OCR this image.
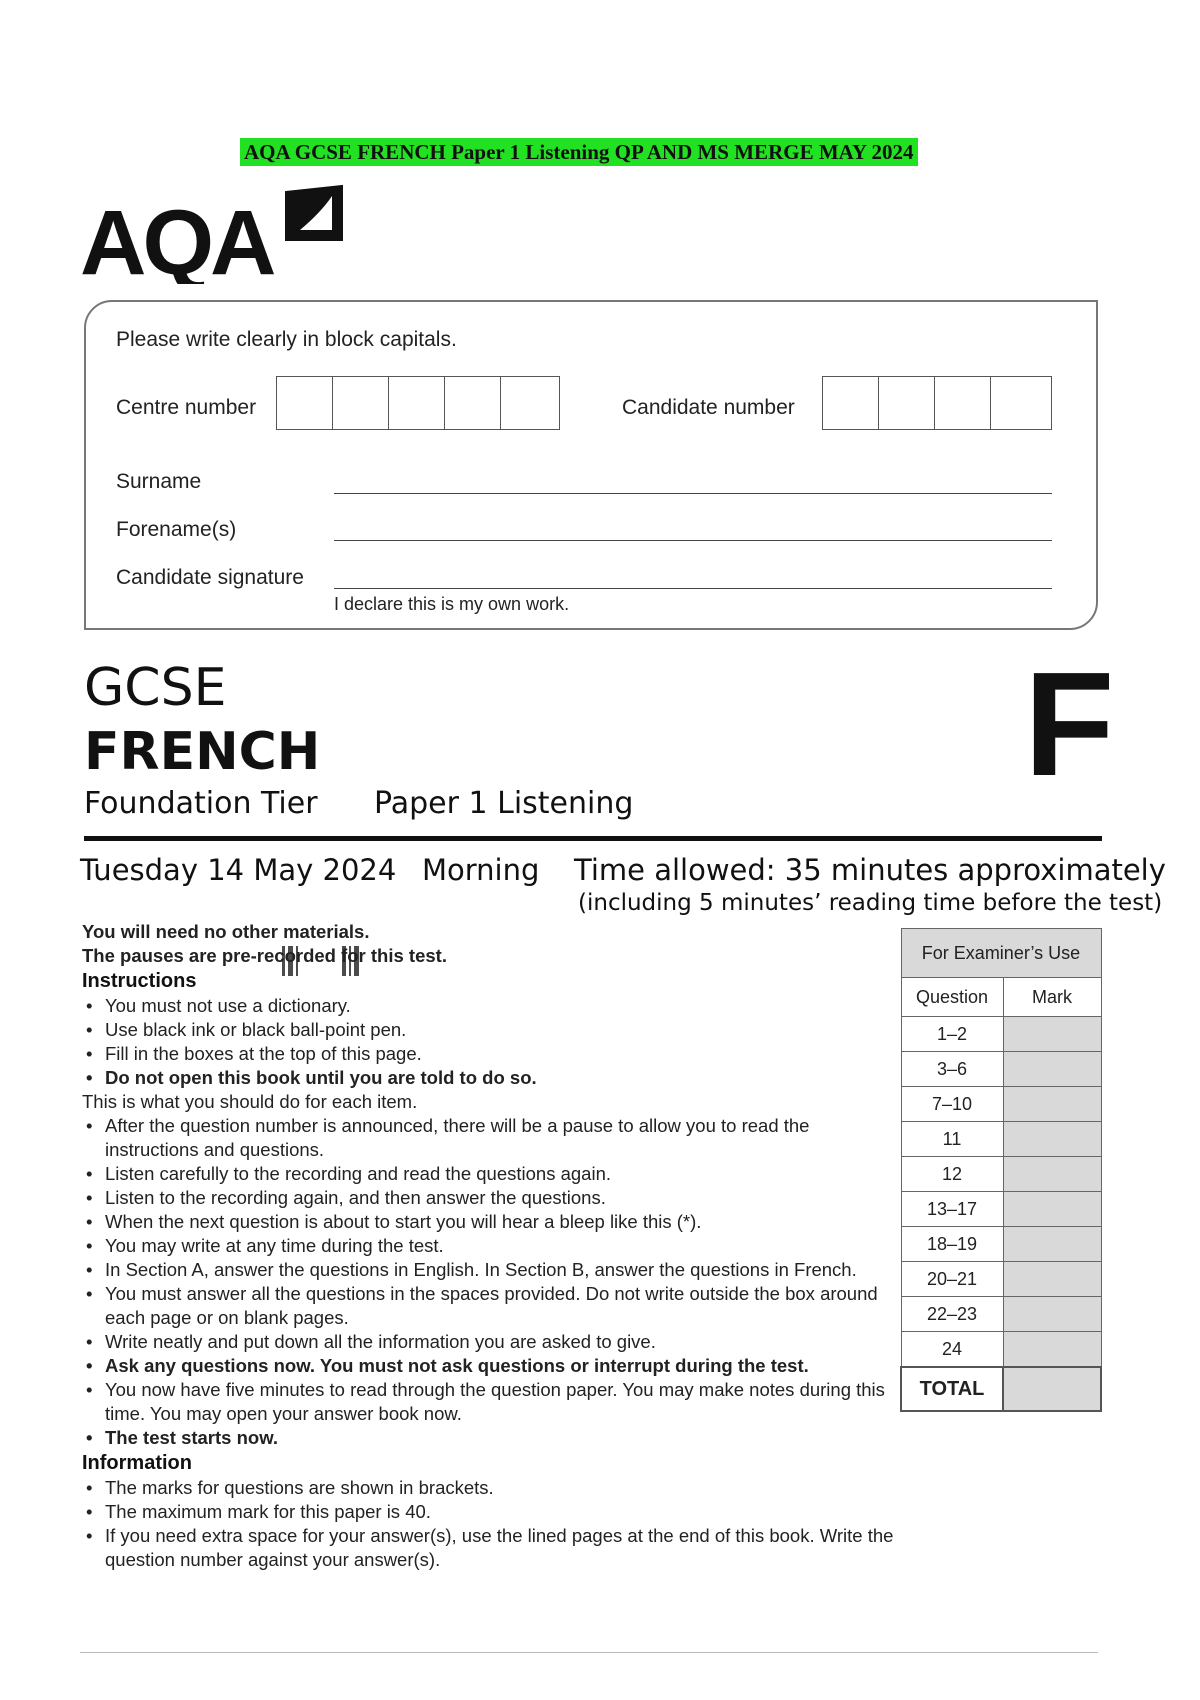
AQA GCSE FRENCH Paper 1 Listening QP AND MS MERGE MAY 2024
AQA
Please write clearly in block capitals.
Centre number	Candidate number
Surname
Forename(s)
Candidate signature
I declare this is my own work.
GCSE
FRENCH
Foundation Tier Paper 1 Listening	F
Tuesday 14 May 2024 Morning Time allowed: 35 minutes approximately
(including 5 minutes’ reading time before the test)

You will need no other materials.

The pauses are pre-recorded for this test.

Instructions

• You must not use a dictionary.
• Use black ink or black ball-point pen.
• Fill in the boxes at the top of this page.
• Do not open this book until you are told to do so.

This is what you should do for each item.

• After the question number is announced, there will be a pause to allow you to read the instructions and questions.
• Listen carefully to the recording and read the questions again.
• Listen to the recording again, and then answer the questions.
• When the next question is about to start you will hear a bleep like this (*).
• You may write at any time during the test.
• In Section A, answer the questions in English. In Section B, answer the questions in French.
• You must answer all the questions in the spaces provided. Do not write outside the box around each page or on blank pages.
• Write neatly and put down all the information you are asked to give.
• Ask any questions now. You must not ask questions or interrupt during the test.
• You now have five minutes to read through the question paper. You may make notes during this time. You may open your answer book now.
• The test starts now.

Information

• The marks for questions are shown in brackets.
• The maximum mark for this paper is 40.
• If you need extra space for your answer(s), use the lined pages at the end of this book. Write the question number against your answer(s).
For Examiner’s Use	
Question	Mark
1–2	
3–6	
7–10	
11	
12	
13–17	
18–19	
20–21	
22–23	
24	
TOTAL	
